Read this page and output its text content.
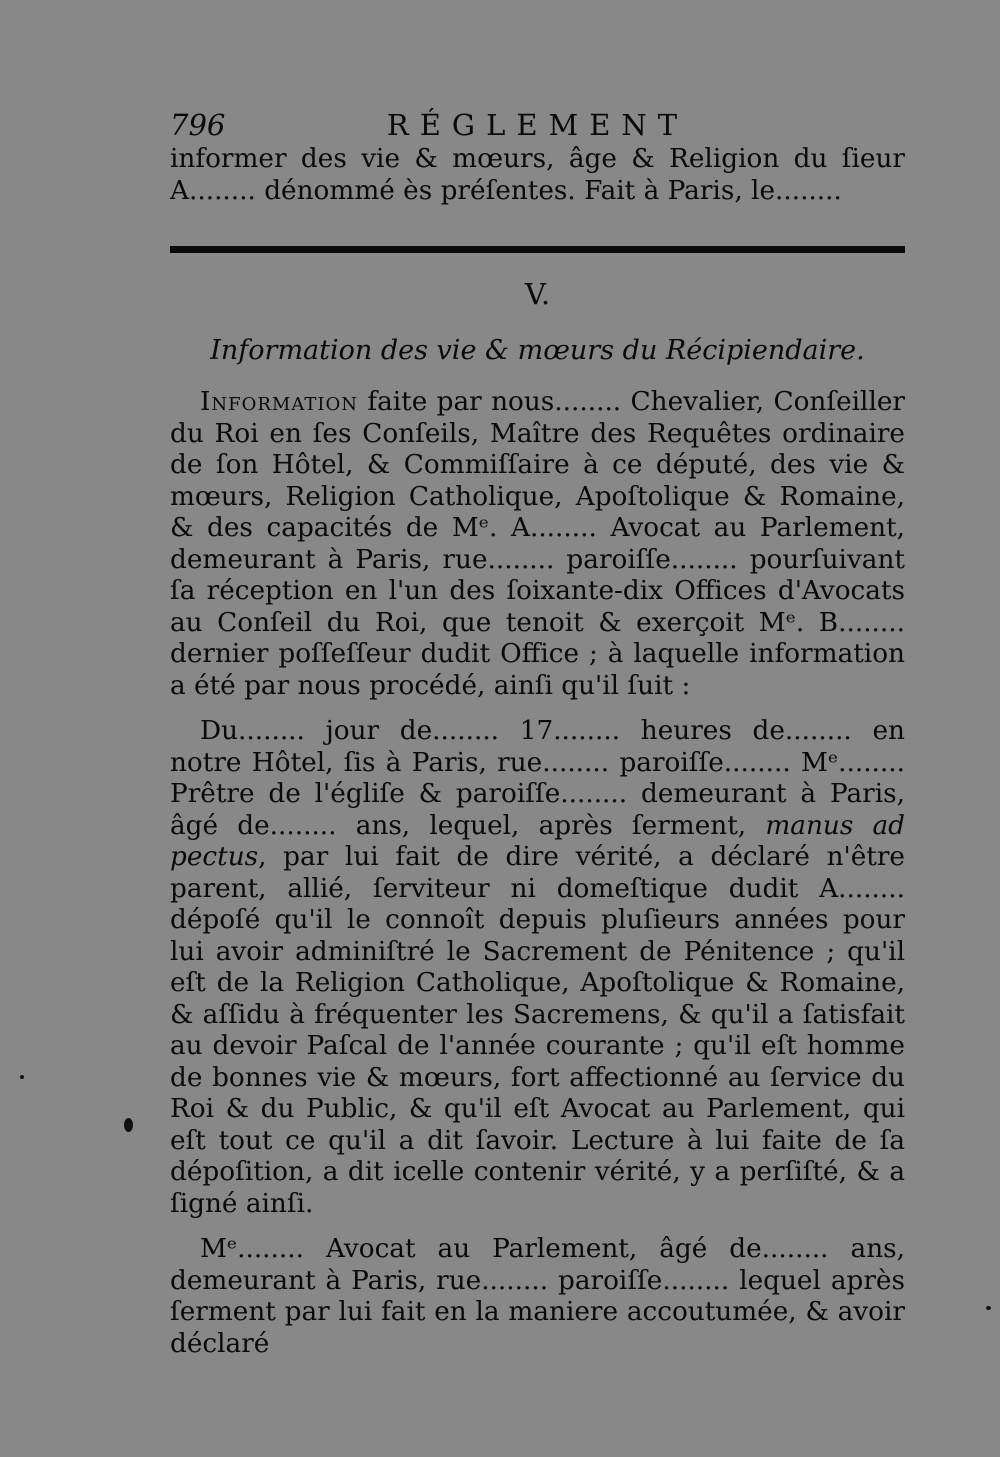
796	RÉGLEMENT

informer des vie & mœurs, âge & Religion du ſieur A........ dénommé ès préſentes. Fait à Paris, le........

V.
Information des vie & mœurs du Récipiendaire.

Information faite par nous........ Chevalier, Conſeiller du Roi en ſes Conſeils, Maître des Requêtes ordinaire de ſon Hôtel, & Commiſſaire à ce député, des vie & mœurs, Religion Catholique, Apoſtolique & Romaine, & des capacités de Mᵉ. A........ Avocat au Parlement, demeurant à Paris, rue........ paroiſſe........ pourſuivant ſa réception en l'un des ſoixante-dix Offices d'Avocats au Conſeil du Roi, que tenoit & exerçoit Mᵉ. B........ dernier poſſeſſeur dudit Office ; à laquelle information a été par nous procédé, ainſi qu'il ſuit :

Du........ jour de........ 17........ heures de........ en notre Hôtel, ſis à Paris, rue........ paroiſſe........ Mᵉ........ Prêtre de l'égliſe & paroiſſe........ demeurant à Paris, âgé de........ ans, lequel, après ſerment, manus ad pectus, par lui fait de dire vérité, a déclaré n'être parent, allié, ſerviteur ni domeſtique dudit A........ dépoſé qu'il le connoît depuis pluſieurs années pour lui avoir adminiſtré le Sacrement de Pénitence ; qu'il eſt de la Religion Catholique, Apoſtolique & Romaine, & aſſidu à fréquenter les Sacremens, & qu'il a ſatisfait au devoir Paſcal de l'année courante ; qu'il eſt homme de bonnes vie & mœurs, fort affectionné au ſervice du Roi & du Public, & qu'il eſt Avocat au Parlement, qui eſt tout ce qu'il a dit ſavoir. Lecture à lui faite de ſa dépoſition, a dit icelle contenir vérité, y a perſiſté, & a ſigné ainſi.

Mᵉ........ Avocat au Parlement, âgé de........ ans, demeurant à Paris, rue........ paroiſſe........ lequel après ſerment par lui fait en la maniere accoutumée, & avoir déclaré
